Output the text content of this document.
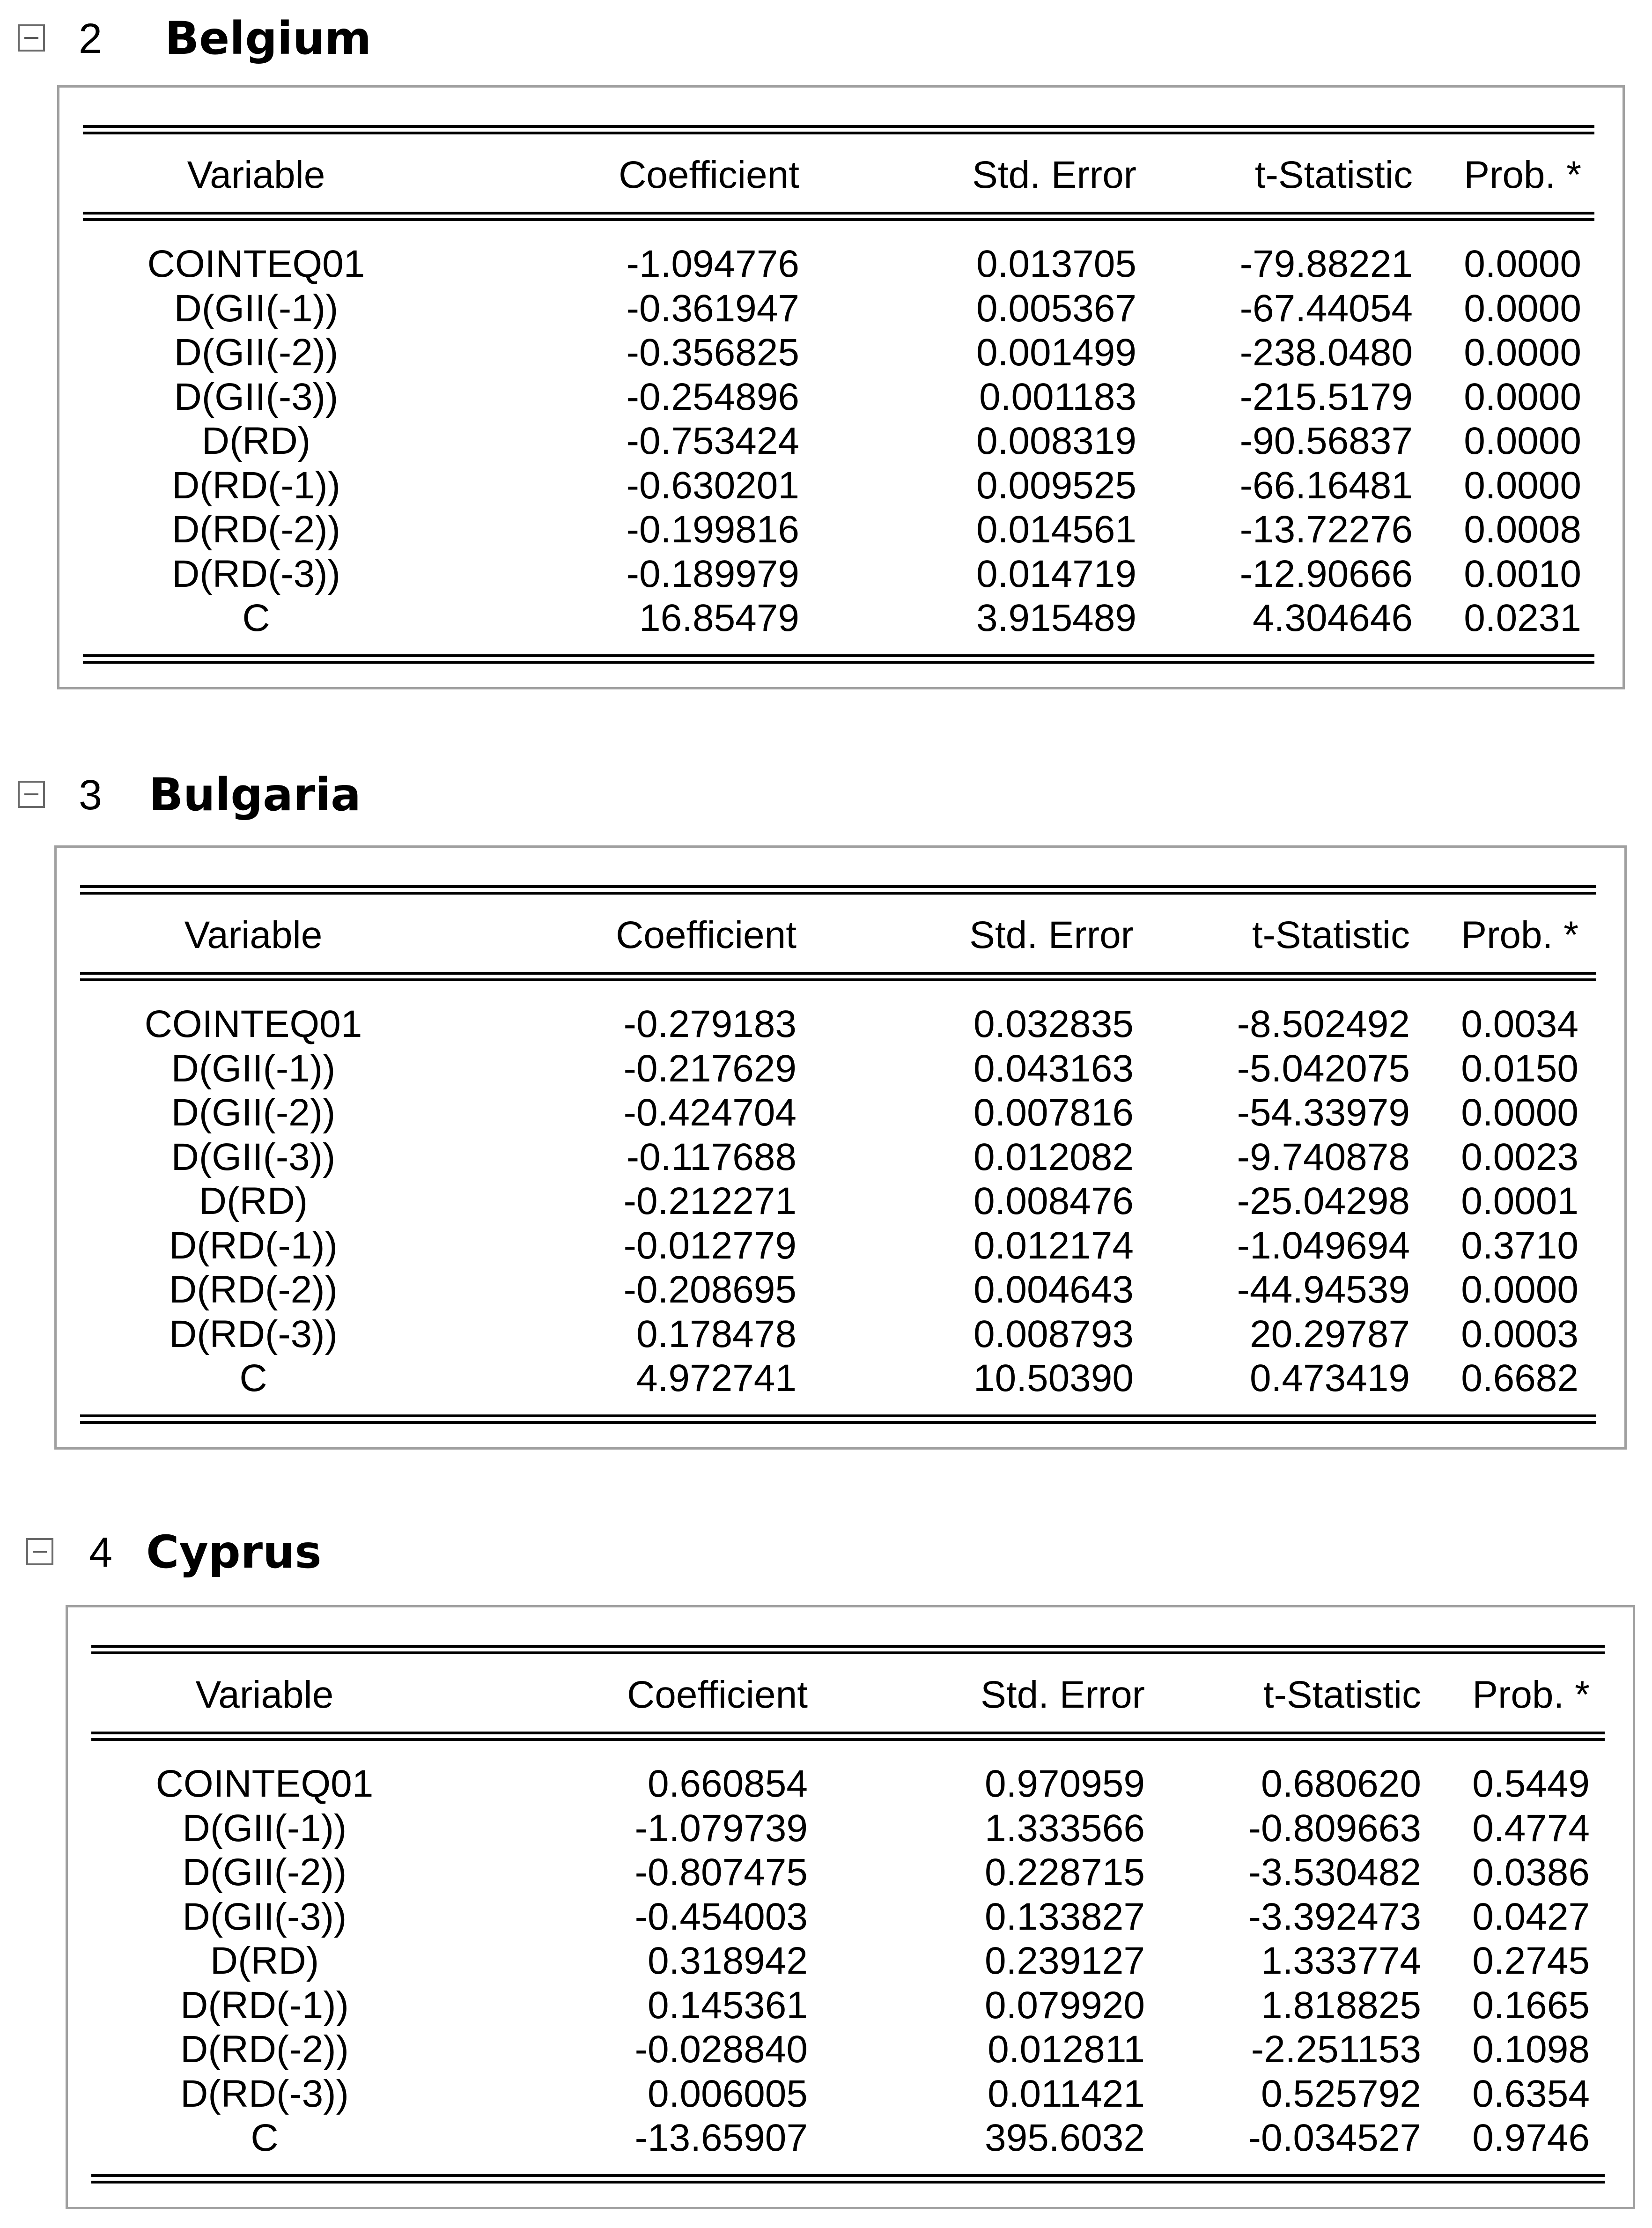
2 Belgium
Variable	Coefficient	Std. Error	t-Statistic	Prob. *
COINTEQ01	-1.094776	0.013705	-79.88221	0.0000
D(GII(-1))	-0.361947	0.005367	-67.44054	0.0000
D(GII(-2))	-0.356825	0.001499	-238.0480	0.0000
D(GII(-3))	-0.254896	0.001183	-215.5179	0.0000
D(RD)	-0.753424	0.008319	-90.56837	0.0000
D(RD(-1))	-0.630201	0.009525	-66.16481	0.0000
D(RD(-2))	-0.199816	0.014561	-13.72276	0.0008
D(RD(-3))	-0.189979	0.014719	-12.90666	0.0010
C	16.85479	3.915489	4.304646	0.0231
3 Bulgaria
Variable	Coefficient	Std. Error	t-Statistic	Prob. *
COINTEQ01	-0.279183	0.032835	-8.502492	0.0034
D(GII(-1))	-0.217629	0.043163	-5.042075	0.0150
D(GII(-2))	-0.424704	0.007816	-54.33979	0.0000
D(GII(-3))	-0.117688	0.012082	-9.740878	0.0023
D(RD)	-0.212271	0.008476	-25.04298	0.0001
D(RD(-1))	-0.012779	0.012174	-1.049694	0.3710
D(RD(-2))	-0.208695	0.004643	-44.94539	0.0000
D(RD(-3))	0.178478	0.008793	20.29787	0.0003
C	4.972741	10.50390	0.473419	0.6682
4 Cyprus
Variable	Coefficient	Std. Error	t-Statistic	Prob. *
COINTEQ01	0.660854	0.970959	0.680620	0.5449
D(GII(-1))	-1.079739	1.333566	-0.809663	0.4774
D(GII(-2))	-0.807475	0.228715	-3.530482	0.0386
D(GII(-3))	-0.454003	0.133827	-3.392473	0.0427
D(RD)	0.318942	0.239127	1.333774	0.2745
D(RD(-1))	0.145361	0.079920	1.818825	0.1665
D(RD(-2))	-0.028840	0.012811	-2.251153	0.1098
D(RD(-3))	0.006005	0.011421	0.525792	0.6354
C	-13.65907	395.6032	-0.034527	0.9746
